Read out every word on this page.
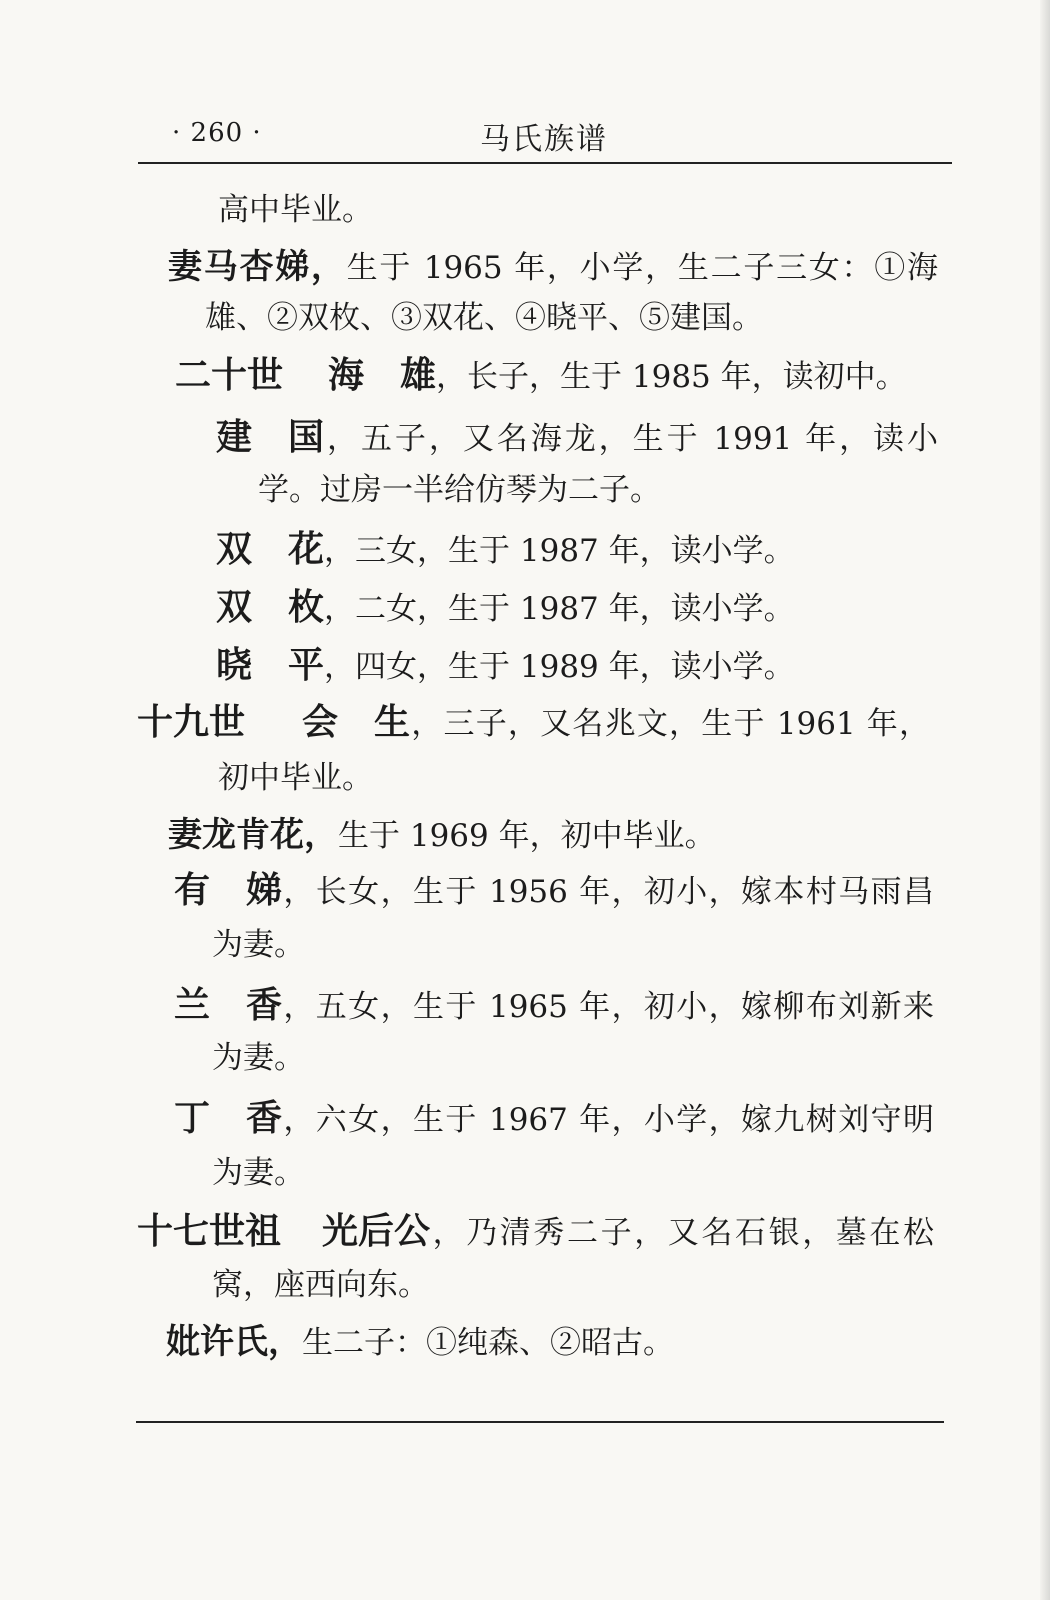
· 260 ·	马氏族谱
高中毕业。
妻马杏娣，生于 1965 年，小学，生二子三女：①海
雄、②双枚、③双花、④晓平、⑤建国。
二十世 海　雄，长子，生于 1985 年，读初中。
建　国，五子，又名海龙，生于 1991 年，读小
学。过房一半给仿琴为二子。
双　花，三女，生于 1987 年，读小学。
双　枚，二女，生于 1987 年，读小学。
晓　平，四女，生于 1989 年，读小学。
十九世 会　生，三子，又名兆文，生于 1961 年，
初中毕业。
妻龙肯花，生于 1969 年，初中毕业。
有　娣，长女，生于 1956 年，初小，嫁本村马雨昌
为妻。
兰　香，五女，生于 1965 年，初小，嫁柳布刘新来
为妻。
丁　香，六女，生于 1967 年，小学，嫁九树刘守明
为妻。
十七世祖 光后公，乃清秀二子，又名石银，墓在松
窝，座西向东。
妣许氏，生二子：①纯森、②昭古。
